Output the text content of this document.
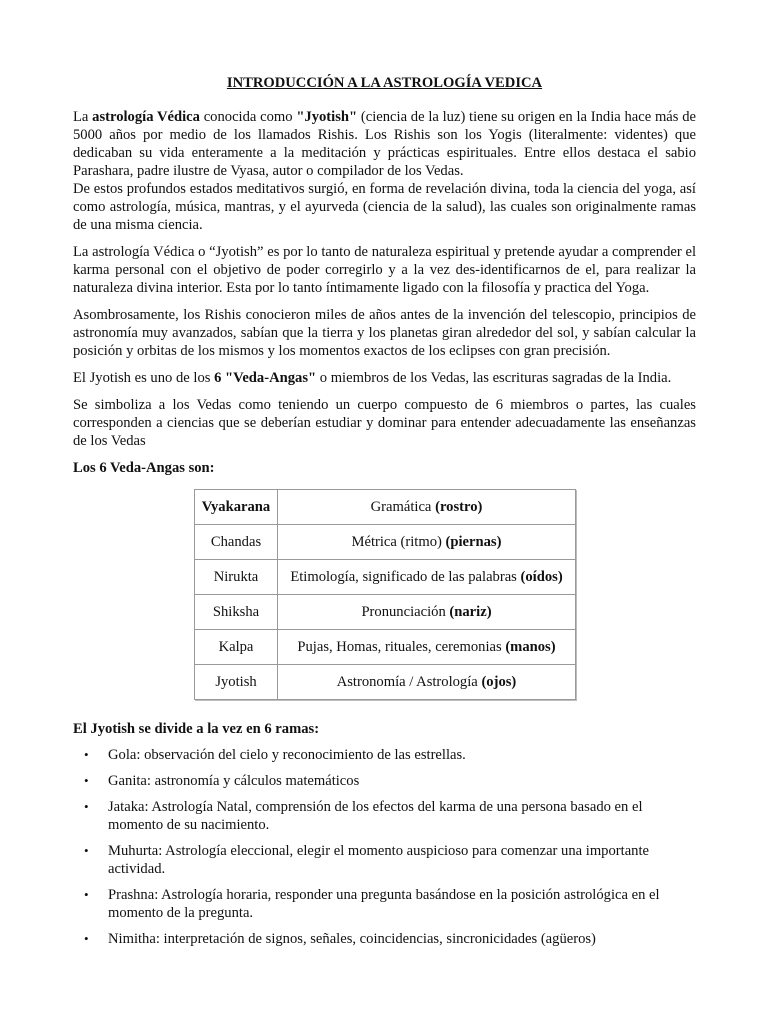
INTRODUCCIÓN A LA ASTROLOGÍA VEDICA

La astrología Védica conocida como "Jyotish" (ciencia de la luz) tiene su origen en la India hace más de 5000 años por medio de los llamados Rishis. Los Rishis son los Yogis (literalmente: videntes) que dedicaban su vida enteramente a la meditación y prácticas espirituales. Entre ellos destaca el sabio Parashara, padre ilustre de Vyasa, autor o compilador de los Vedas.

De estos profundos estados meditativos surgió, en forma de revelación divina, toda la ciencia del yoga, así como astrología, música, mantras, y el ayurveda (ciencia de la salud), las cuales son originalmente ramas de una misma ciencia.

La astrología Védica o “Jyotish” es por lo tanto de naturaleza espiritual y pretende ayudar a comprender el karma personal con el objetivo de poder corregirlo y a la vez des-identificarnos de el, para realizar la naturaleza divina interior. Esta por lo tanto íntimamente ligado con la filosofía y practica del Yoga.

Asombrosamente, los Rishis conocieron miles de años antes de la invención del telescopio, principios de astronomía muy avanzados, sabían que la tierra y los planetas giran alrededor del sol, y sabían calcular la posición y orbitas de los mismos y los momentos exactos de los eclipses con gran precisión.

El Jyotish es uno de los 6 "Veda-Angas" o miembros de los Vedas, las escrituras sagradas de la India.

Se simboliza a los Vedas como teniendo un cuerpo compuesto de 6 miembros o partes, las cuales corresponden a ciencias que se deberían estudiar y dominar para entender adecuadamente las enseñanzas de los Vedas

Los 6 Veda-Angas son:
Vyakarana	Gramática (rostro)
Chandas	Métrica (ritmo) (piernas)
Nirukta	Etimología, significado de las palabras (oídos)
Shiksha	Pronunciación (nariz)
Kalpa	Pujas, Homas, rituales, ceremonias (manos)
Jyotish	Astronomía / Astrología (ojos)
El Jyotish se divide a la vez en 6 ramas:
• Gola: observación del cielo y reconocimiento de las estrellas.
• Ganita: astronomía y cálculos matemáticos
• Jataka: Astrología Natal, comprensión de los efectos del karma de una persona basado en el momento de su nacimiento.
• Muhurta: Astrología eleccional, elegir el momento auspicioso para comenzar una importante actividad.
• Prashna: Astrología horaria, responder una pregunta basándose en la posición astrológica en el momento de la pregunta.
• Nimitha: interpretación de signos, señales, coincidencias, sincronicidades (agüeros)
